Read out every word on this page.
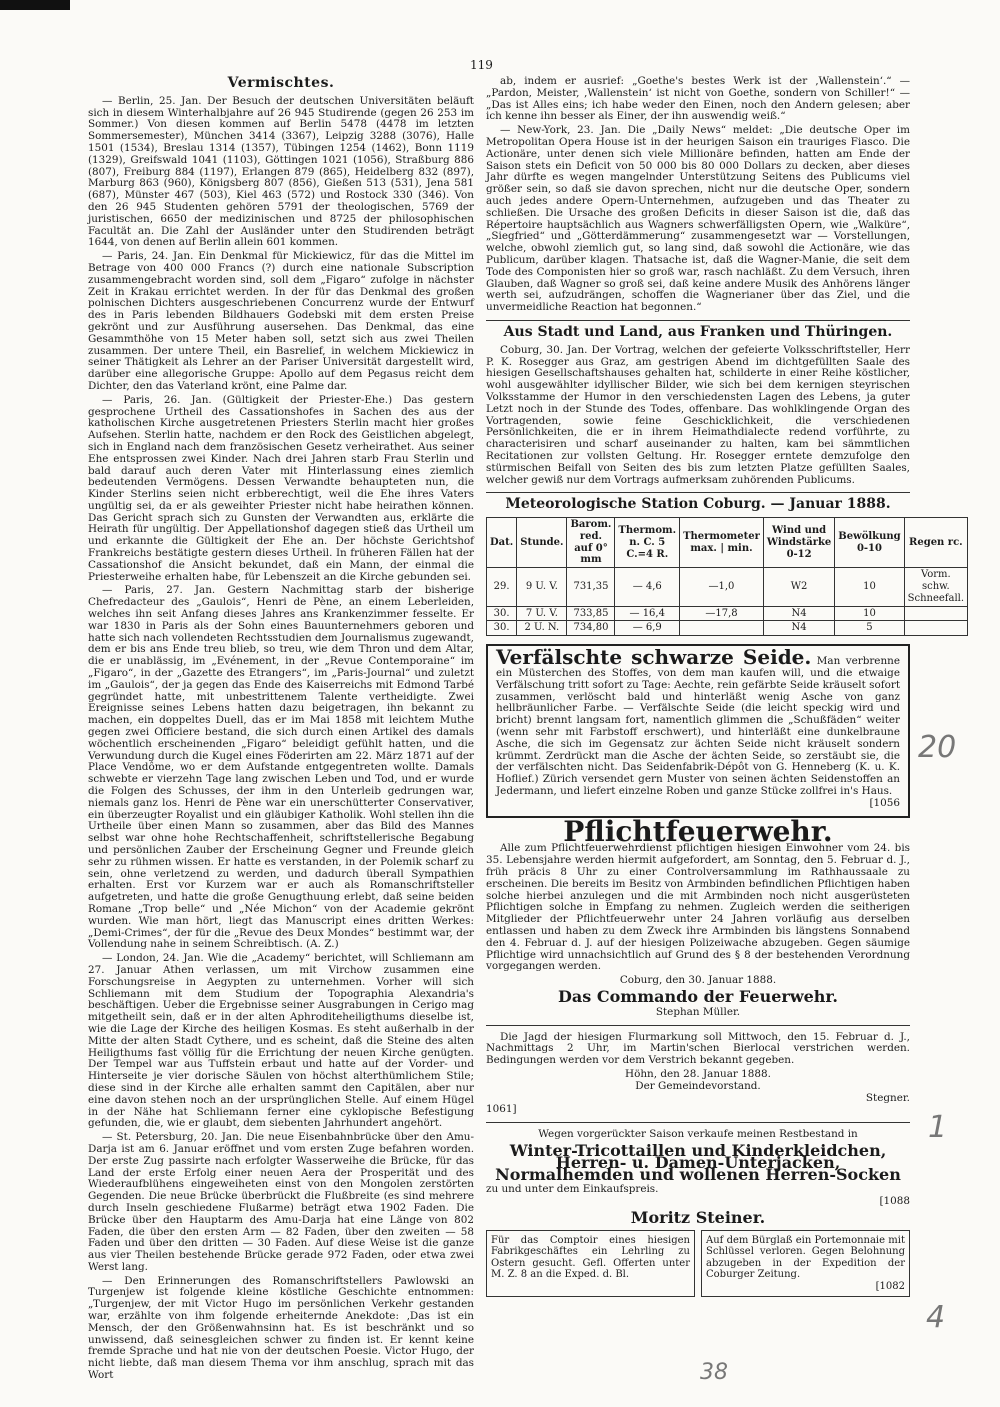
119
Vermischtes.

— Berlin, 25. Jan. Der Besuch der deutschen Universitäten beläuft sich in diesem Winterhalbjahre auf 26 945 Studirende (gegen 26 253 im Sommer.) Von diesen kommen auf Berlin 5478 (4478 im letzten Sommersemester), München 3414 (3367), Leipzig 3288 (3076), Halle 1501 (1534), Breslau 1314 (1357), Tübingen 1254 (1462), Bonn 1119 (1329), Greifswald 1041 (1103), Göttingen 1021 (1056), Straßburg 886 (807), Freiburg 884 (1197), Erlangen 879 (865), Heidelberg 832 (897), Marburg 863 (960), Königsberg 807 (856), Gießen 513 (531), Jena 581 (687), Münster 467 (503), Kiel 463 (572) und Rostock 330 (346). Von den 26 945 Studenten gehören 5791 der theologischen, 5769 der juristischen, 6650 der medizinischen und 8725 der philosophischen Facultät an. Die Zahl der Ausländer unter den Studirenden beträgt 1644, von denen auf Berlin allein 601 kommen.

— Paris, 24. Jan. Ein Denkmal für Mickiewicz, für das die Mittel im Betrage von 400 000 Francs (?) durch eine nationale Subscription zusammengebracht worden sind, soll dem „Figaro“ zufolge in nächster Zeit in Krakau errichtet werden. In der für das Denkmal des großen polnischen Dichters ausgeschriebenen Concurrenz wurde der Entwurf des in Paris lebenden Bildhauers Godebski mit dem ersten Preise gekrönt und zur Ausführung ausersehen. Das Denkmal, das eine Gesammthöhe von 15 Meter haben soll, setzt sich aus zwei Theilen zusammen. Der untere Theil, ein Basrelief, in welchem Mickiewicz in seiner Thätigkeit als Lehrer an der Pariser Universität dargestellt wird, darüber eine allegorische Gruppe: Apollo auf dem Pegasus reicht dem Dichter, den das Vaterland krönt, eine Palme dar.

— Paris, 26. Jan. (Gültigkeit der Priester-Ehe.) Das gestern gesprochene Urtheil des Cassationshofes in Sachen des aus der katholischen Kirche ausgetretenen Priesters Sterlin macht hier großes Aufsehen. Sterlin hatte, nachdem er den Rock des Geistlichen abgelegt, sich in England nach dem französischen Gesetz verheirathet. Aus seiner Ehe entsprossen zwei Kinder. Nach drei Jahren starb Frau Sterlin und bald darauf auch deren Vater mit Hinterlassung eines ziemlich bedeutenden Vermögens. Dessen Verwandte behaupteten nun, die Kinder Sterlins seien nicht erbberechtigt, weil die Ehe ihres Vaters ungültig sei, da er als geweihter Priester nicht habe heirathen können. Das Gericht sprach sich zu Gunsten der Verwandten aus, erklärte die Heirath für ungültig. Der Appellationshof dagegen stieß das Urtheil um und erkannte die Gültigkeit der Ehe an. Der höchste Gerichtshof Frankreichs bestätigte gestern dieses Urtheil. In früheren Fällen hat der Cassationshof die Ansicht bekundet, daß ein Mann, der einmal die Priesterweihe erhalten habe, für Lebenszeit an die Kirche gebunden sei.

— Paris, 27. Jan. Gestern Nachmittag starb der bisherige Chefredacteur des „Gaulois“, Henri de Pène, an einem Leberleiden, welches ihn seit Anfang dieses Jahres ans Krankenzimmer fesselte. Er war 1830 in Paris als der Sohn eines Bauunternehmers geboren und hatte sich nach vollendeten Rechtsstudien dem Journalismus zugewandt, dem er bis ans Ende treu blieb, so treu, wie dem Thron und dem Altar, die er unablässig, im „Evénement, in der „Revue Contemporaine“ im „Figaro“, in der „Gazette des Etrangers“, im „Paris-Journal“ und zuletzt im „Gaulois“, der ja gegen das Ende des Kaiserreichs mit Edmond Tarbé gegründet hatte, mit unbestrittenem Talente vertheidigte. Zwei Ereignisse seines Lebens hatten dazu beigetragen, ihn bekannt zu machen, ein doppeltes Duell, das er im Mai 1858 mit leichtem Muthe gegen zwei Officiere bestand, die sich durch einen Artikel des damals wöchentlich erscheinenden „Figaro“ beleidigt gefühlt hatten, und die Verwundung durch die Kugel eines Föderirten am 22. März 1871 auf der Place Vendôme, wo er dem Aufstande entgegentreten wollte. Damals schwebte er vierzehn Tage lang zwischen Leben und Tod, und er wurde die Folgen des Schusses, der ihm in den Unterleib gedrungen war, niemals ganz los. Henri de Pène war ein unerschütterter Conservativer, ein überzeugter Royalist und ein gläubiger Katholik. Wohl stellen ihn die Urtheile über einen Mann so zusammen, aber das Bild des Mannes selbst war ohne hohe Rechtschaffenheit, schriftstellerische Begabung und persönlichen Zauber der Erscheinung Gegner und Freunde gleich sehr zu rühmen wissen. Er hatte es verstanden, in der Polemik scharf zu sein, ohne verletzend zu werden, und dadurch überall Sympathien erhalten. Erst vor Kurzem war er auch als Romanschriftsteller aufgetreten, und hatte die große Genugthuung erlebt, daß seine beiden Romane „Trop belle“ und „Née Michon“ von der Academie gekrönt wurden. Wie man hört, liegt das Manuscript eines dritten Werkes: „Demi-Crimes“, der für die „Revue des Deux Mondes“ bestimmt war, der Vollendung nahe in seinem Schreibtisch. (A. Z.)

— London, 24. Jan. Wie die „Academy“ berichtet, will Schliemann am 27. Januar Athen verlassen, um mit Virchow zusammen eine Forschungsreise in Aegypten zu unternehmen. Vorher will sich Schliemann mit dem Studium der Topographia Alexandria's beschäftigen. Ueber die Ergebnisse seiner Ausgrabungen in Cerigo mag mitgetheilt sein, daß er in der alten Aphroditeheiligthums dieselbe ist, wie die Lage der Kirche des heiligen Kosmas. Es steht außerhalb in der Mitte der alten Stadt Cythere, und es scheint, daß die Steine des alten Heiligthums fast völlig für die Errichtung der neuen Kirche genügten. Der Tempel war aus Tuffstein erbaut und hatte auf der Vorder- und Hinterseite je vier dorische Säulen von höchst alterthümlichem Stile; diese sind in der Kirche alle erhalten sammt den Capitälen, aber nur eine davon stehen noch an der ursprünglichen Stelle. Auf einem Hügel in der Nähe hat Schliemann ferner eine cyklopische Befestigung gefunden, die, wie er glaubt, dem siebenten Jahrhundert angehört.

— St. Petersburg, 20. Jan. Die neue Eisenbahnbrücke über den Amu-Darja ist am 6. Januar eröffnet und vom ersten Zuge befahren worden. Der erste Zug passirte nach erfolgter Wasserweihe die Brücke, für das Land der erste Erfolg einer neuen Aera der Prosperität und des Wiederaufblühens eingeweiheten einst von den Mongolen zerstörten Gegenden. Die neue Brücke überbrückt die Flußbreite (es sind mehrere durch Inseln geschiedene Flußarme) beträgt etwa 1902 Faden. Die Brücke über den Hauptarm des Amu-Darja hat eine Länge von 802 Faden, die über den ersten Arm — 82 Faden, über den zweiten — 58 Faden und über den dritten — 30 Faden. Auf diese Weise ist die ganze aus vier Theilen bestehende Brücke gerade 972 Faden, oder etwa zwei Werst lang.

— Den Erinnerungen des Romanschriftstellers Pawlowski an Turgenjew ist folgende kleine köstliche Geschichte entnommen: „Turgenjew, der mit Victor Hugo im persönlichen Verkehr gestanden war, erzählte von ihm folgende erheiternde Anekdote: ‚Das ist ein Mensch, der den Größenwahnsinn hat. Es ist beschränkt und so unwissend, daß seinesgleichen schwer zu finden ist. Er kennt keine fremde Sprache und hat nie von der deutschen Poesie. Victor Hugo, der nicht liebte, daß man diesem Thema vor ihm anschlug, sprach mit das Wort

ab, indem er ausrief: „Goethe's bestes Werk ist der ‚Wallenstein‘.“ — „Pardon, Meister, ‚Wallenstein‘ ist nicht von Goethe, sondern von Schiller!“ — „Das ist Alles eins; ich habe weder den Einen, noch den Andern gelesen; aber ich kenne ihn besser als Einer, der ihn auswendig weiß.“

— New-York, 23. Jan. Die „Daily News“ meldet: „Die deutsche Oper im Metropolitan Opera House ist in der heurigen Saison ein trauriges Fiasco. Die Actionäre, unter denen sich viele Millionäre befinden, hatten am Ende der Saison stets ein Deficit von 50 000 bis 80 000 Dollars zu decken, aber dieses Jahr dürfte es wegen mangelnder Unterstützung Seitens des Publicums viel größer sein, so daß sie davon sprechen, nicht nur die deutsche Oper, sondern auch jedes andere Opern-Unternehmen, aufzugeben und das Theater zu schließen. Die Ursache des großen Deficits in dieser Saison ist die, daß das Répertoire hauptsächlich aus Wagners schwerfälligsten Opern, wie „Walküre“, „Siegfried“ und „Götterdämmerung“ zusammengesetzt war — Vorstellungen, welche, obwohl ziemlich gut, so lang sind, daß sowohl die Actionäre, wie das Publicum, darüber klagen. Thatsache ist, daß die Wagner-Manie, die seit dem Tode des Componisten hier so groß war, rasch nachläßt. Zu dem Versuch, ihren Glauben, daß Wagner so groß sei, daß keine andere Musik des Anhörens länger werth sei, aufzudrängen, schoffen die Wagnerianer über das Ziel, und die unvermeidliche Reaction hat begonnen.“

Aus Stadt und Land, aus Franken und Thüringen.

Coburg, 30. Jan. Der Vortrag, welchen der gefeierte Volksschriftsteller, Herr P. K. Rosegger aus Graz, am gestrigen Abend im dichtgefüllten Saale des hiesigen Gesellschaftshauses gehalten hat, schilderte in einer Reihe köstlicher, wohl ausgewählter idyllischer Bilder, wie sich bei dem kernigen steyrischen Volksstamme der Humor in den verschiedensten Lagen des Lebens, ja guter Letzt noch in der Stunde des Todes, offenbare. Das wohlklingende Organ des Vortragenden, sowie feine Geschicklichkeit, die verschiedenen Persönlichkeiten, die er in ihrem Heimathdialecte redend vorführte, zu characterisiren und scharf auseinander zu halten, kam bei sämmtlichen Recitationen zur vollsten Geltung. Hr. Rosegger erntete demzufolge den stürmischen Beifall von Seiten des bis zum letzten Platze gefüllten Saales, welcher gewiß nur dem Vortrags aufmerksam zuhörenden Publicums.

Meteorologische Station Coburg. — Januar 1888.
Dat.	Stunde.	Barom. red. auf 0° mm	Thermom. n. C. 5 C.=4 R.	Thermometer max. | min.	Wind und Windstärke 0-12	Bewölkung 0-10	Regen rc.
29.	9 U. V.	731,35	— 4,6	—1,0	W2	10	Vorm. schw. Schneefall.
30.	7 U. V.	733,85	— 16,4	—17,8	N4	10	
30.	2 U. N.	734,80	— 6,9		N4	5	
Verfälschte schwarze Seide. Man verbrenne ein Müsterchen des Stoffes, von dem man kaufen will, und die etwaige Verfälschung tritt sofort zu Tage: Aechte, rein gefärbte Seide kräuselt sofort zusammen, verlöscht bald und hinterläßt wenig Asche von ganz hellbräunlicher Farbe. — Verfälschte Seide (die leicht speckig wird und bricht) brennt langsam fort, namentlich glimmen die „Schußfäden“ weiter (wenn sehr mit Farbstoff erschwert), und hinterläßt eine dunkelbraune Asche, die sich im Gegensatz zur ächten Seide nicht kräuselt sondern krümmt. Zerdrückt man die Asche der ächten Seide, so zerstäubt sie, die der verfälschten nicht. Das Seidenfabrik-Dépôt von G. Henneberg (K. u. K. Hoflief.) Zürich versendet gern Muster von seinen ächten Seidenstoffen an Jedermann, und liefert einzelne Roben und ganze Stücke zollfrei in's Haus.
[1056
Pflichtfeuerwehr.

Alle zum Pflichtfeuerwehrdienst pflichtigen hiesigen Einwohner vom 24. bis 35. Lebensjahre werden hiermit aufgefordert, am Sonntag, den 5. Februar d. J., früh präcis 8 Uhr zu einer Controlversammlung im Rathhaussaale zu erscheinen. Die bereits im Besitz von Armbinden befindlichen Pflichtigen haben solche hierbei anzulegen und die mit Armbinden noch nicht ausgerüsteten Pflichtigen solche in Empfang zu nehmen. Zugleich werden die seitherigen Mitglieder der Pflichtfeuerwehr unter 24 Jahren vorläufig aus derselben entlassen und haben zu dem Zweck ihre Armbinden bis längstens Sonnabend den 4. Februar d. J. auf der hiesigen Polizeiwache abzugeben. Gegen säumige Pflichtige wird unnachsichtlich auf Grund des § 8 der bestehenden Verordnung vorgegangen werden.

Coburg, den 30. Januar 1888.
Das Commando der Feuerwehr.
Stephan Müller.

Die Jagd der hiesigen Flurmarkung soll Mittwoch, den 15. Februar d. J., Nachmittags 2 Uhr, im Martin'schen Bierlocal verstrichen werden. Bedingungen werden vor dem Verstrich bekannt gegeben.

Höhn, den 28. Januar 1888.
Der Gemeindevorstand.
Stegner.
1061]
Wegen vorgerückter Saison verkaufe meinen Restbestand in
Winter-Tricottaillen und Kinderkleidchen, Herren- u. Damen-Unterjacken, Normalhemden und wollenen Herren-Socken
zu und unter dem Einkaufspreis.
[1088
Moritz Steiner.
Für das Comptoir eines hiesigen Fabrikgeschäftes ein Lehrling zu Ostern gesucht. Gefl. Offerten unter M. Z. 8 an die Exped. d. Bl.
Auf dem Bürglaß ein Portemonnaie mit Schlüssel verloren. Gegen Belohnung abzugeben in der Expedition der Coburger Zeitung.
[1082
20
1
4
38
